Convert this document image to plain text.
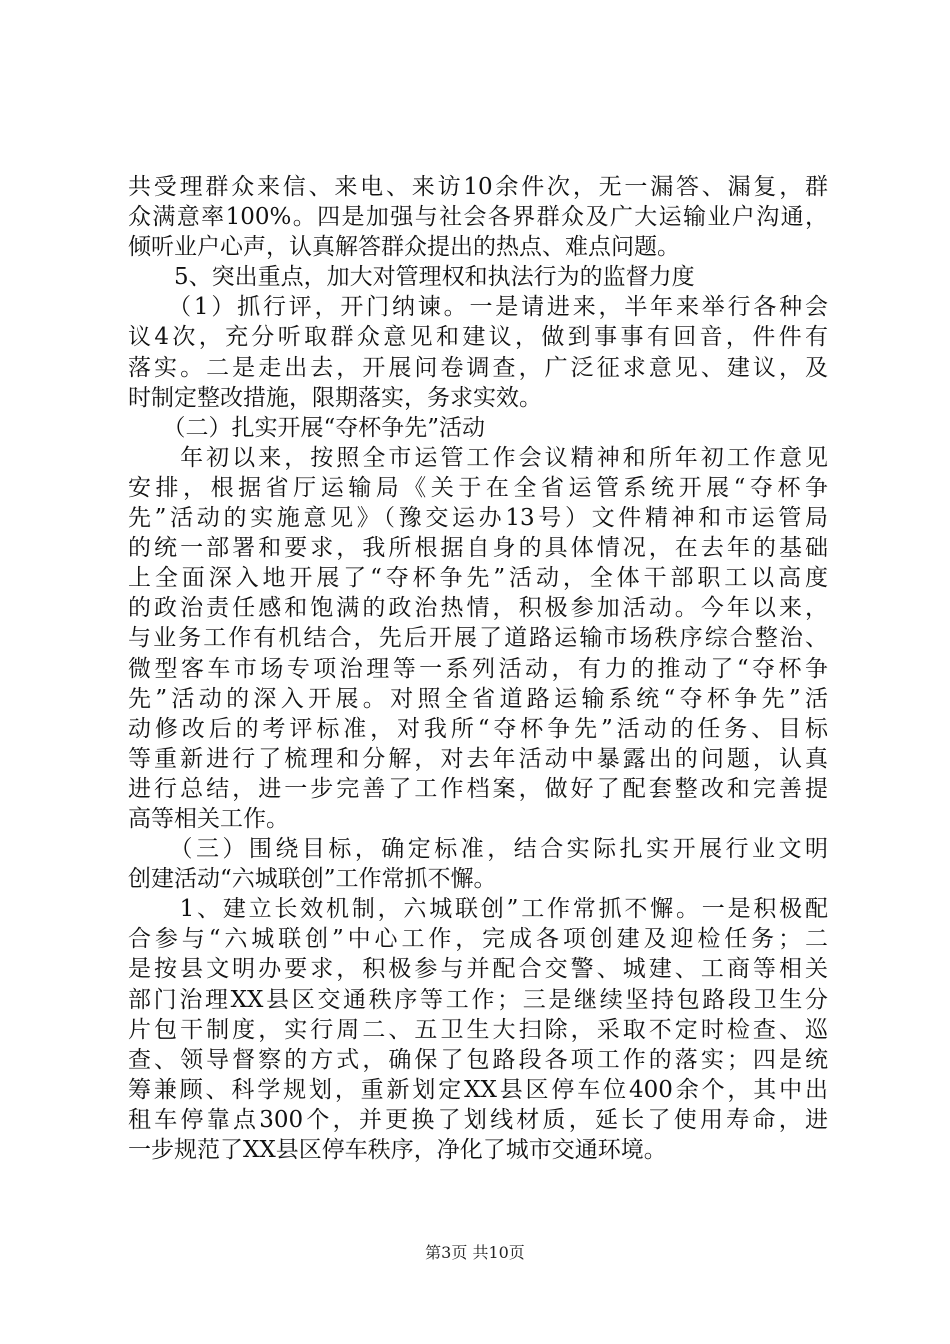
共受理群众来信、来电、来访10余件次，无一漏答、漏复，群
众满意率100%。四是加强与社会各界群众及广大运输业户沟通，
倾听业户心声，认真解答群众提出的热点、难点问题。
　　5、突出重点，加大对管理权和执法行为的监督力度
　　（1）抓行评，开门纳谏。一是请进来，半年来举行各种会
议4次，充分听取群众意见和建议，做到事事有回音，件件有
落实。二是走出去，开展问卷调查，广泛征求意见、建议，及
时制定整改措施，限期落实，务求实效。
　　（二）扎实开展“夺杯争先”活动
　　年初以来，按照全市运管工作会议精神和所年初工作意见
安排，根据省厅运输局《关于在全省运管系统开展“夺杯争
先”活动的实施意见》（豫交运办13号）文件精神和市运管局
的统一部署和要求，我所根据自身的具体情况，在去年的基础
上全面深入地开展了“夺杯争先”活动，全体干部职工以高度
的政治责任感和饱满的政治热情，积极参加活动。今年以来，
与业务工作有机结合，先后开展了道路运输市场秩序综合整治、
微型客车市场专项治理等一系列活动，有力的推动了“夺杯争
先”活动的深入开展。对照全省道路运输系统“夺杯争先”活
动修改后的考评标准，对我所“夺杯争先”活动的任务、目标
等重新进行了梳理和分解，对去年活动中暴露出的问题，认真
进行总结，进一步完善了工作档案，做好了配套整改和完善提
高等相关工作。
　　（三）围绕目标，确定标准，结合实际扎实开展行业文明
创建活动“六城联创”工作常抓不懈。
　　1、建立长效机制，六城联创”工作常抓不懈。一是积极配
合参与“六城联创”中心工作，完成各项创建及迎检任务；二
是按县文明办要求，积极参与并配合交警、城建、工商等相关
部门治理XX县区交通秩序等工作；三是继续坚持包路段卫生分
片包干制度，实行周二、五卫生大扫除，采取不定时检查、巡
查、领导督察的方式，确保了包路段各项工作的落实；四是统
筹兼顾、科学规划，重新划定XX县区停车位400余个，其中出
租车停靠点300个，并更换了划线材质，延长了使用寿命，进
一步规范了XX县区停车秩序，净化了城市交通环境。
第3页 共10页
